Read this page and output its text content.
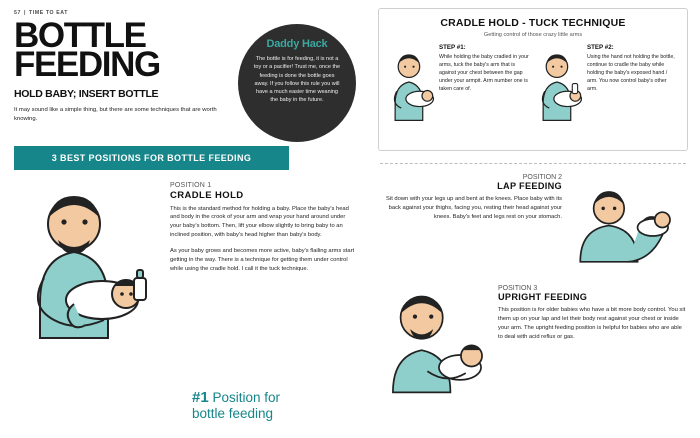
57 | TIME TO EAT
BOTTLE
FEEDING
HOLD BABY; INSERT BOTTLE
It may sound like a simple thing, but there are some techniques that are worth knowing.
Daddy Hack
The bottle is for feeding, it is not a toy or a pacifier! Trust me, once the feeding is done the bottle goes away. If you follow this rule you will have a much easier time weaning the baby in the future.
3 BEST POSITIONS FOR BOTTLE FEEDING
POSITION 1
CRADLE HOLD

This is the standard method for holding a baby. Place the baby's head and body in the crook of your arm and wrap your hand around under your baby's bottom. Then, lift your elbow slightly to bring baby to an inclined position, with baby's head higher than baby's body.

As your baby grows and becomes more active, baby's flailing arms start getting in the way. There is a technique for getting them under control while using the cradle hold. I call it the tuck technique.

#1 Position for
bottle feeding
CRADLE HOLD - TUCK TECHNIQUE
Getting control of those crazy little arms
STEP #1:
While holding the baby cradled in your arms, tuck the baby's arm that is against your chest between the gap under your armpit. Arm number one is taken care of.
STEP #2:
Using the hand not holding the bottle, continue to cradle the baby while holding the baby's exposed hand / arm. You now control baby's other arm.
POSITION 2
LAP FEEDING
Sit down with your legs up and bent at the knees. Place baby with its back against your thighs, facing you, resting their head against your knees. Baby's feet and legs rest on your stomach.
POSITION 3
UPRIGHT FEEDING
This position is for older babies who have a bit more body control. You sit them up on your lap and let their body rest against your chest or inside your arm. The upright feeding position is helpful for babies who are able to deal with acid reflux or gas.
